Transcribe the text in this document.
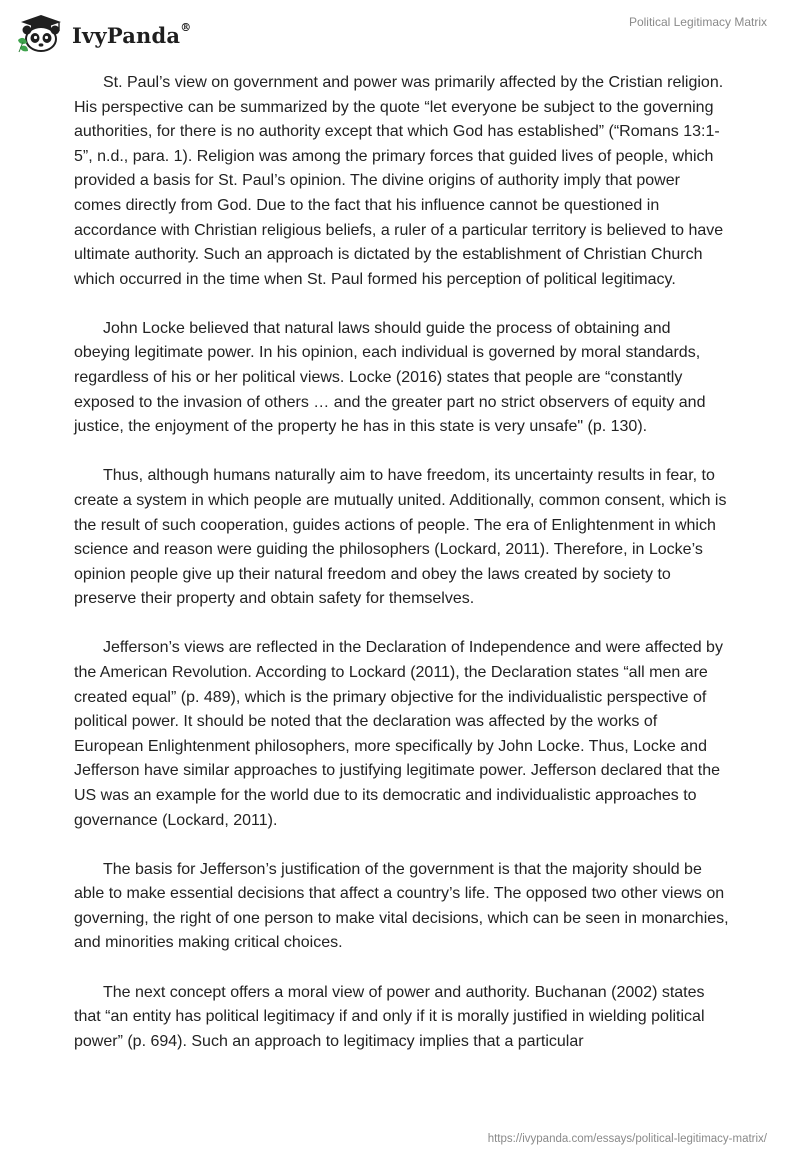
IvyPanda®	Political Legitimacy Matrix

St. Paul’s view on government and power was primarily affected by the Cristian religion. His perspective can be summarized by the quote “let everyone be subject to the governing authorities, for there is no authority except that which God has established” (“Romans 13:1-5”, n.d., para. 1). Religion was among the primary forces that guided lives of people, which provided a basis for St. Paul’s opinion. The divine origins of authority imply that power comes directly from God. Due to the fact that his influence cannot be questioned in accordance with Christian religious beliefs, a ruler of a particular territory is believed to have ultimate authority. Such an approach is dictated by the establishment of Christian Church which occurred in the time when St. Paul formed his perception of political legitimacy.

John Locke believed that natural laws should guide the process of obtaining and obeying legitimate power. In his opinion, each individual is governed by moral standards, regardless of his or her political views. Locke (2016) states that people are “constantly exposed to the invasion of others … and the greater part no strict observers of equity and justice, the enjoyment of the property he has in this state is very unsafe" (p. 130).

Thus, although humans naturally aim to have freedom, its uncertainty results in fear, to create a system in which people are mutually united. Additionally, common consent, which is the result of such cooperation, guides actions of people. The era of Enlightenment in which science and reason were guiding the philosophers (Lockard, 2011). Therefore, in Locke’s opinion people give up their natural freedom and obey the laws created by society to preserve their property and obtain safety for themselves.

Jefferson’s views are reflected in the Declaration of Independence and were affected by the American Revolution. According to Lockard (2011), the Declaration states “all men are created equal” (p. 489), which is the primary objective for the individualistic perspective of political power. It should be noted that the declaration was affected by the works of European Enlightenment philosophers, more specifically by John Locke. Thus, Locke and Jefferson have similar approaches to justifying legitimate power. Jefferson declared that the US was an example for the world due to its democratic and individualistic approaches to governance (Lockard, 2011).

The basis for Jefferson’s justification of the government is that the majority should be able to make essential decisions that affect a country’s life. The opposed two other views on governing, the right of one person to make vital decisions, which can be seen in monarchies, and minorities making critical choices.

The next concept offers a moral view of power and authority. Buchanan (2002) states that “an entity has political legitimacy if and only if it is morally justified in wielding political power” (p. 694). Such an approach to legitimacy implies that a particular

https://ivypanda.com/essays/political-legitimacy-matrix/
